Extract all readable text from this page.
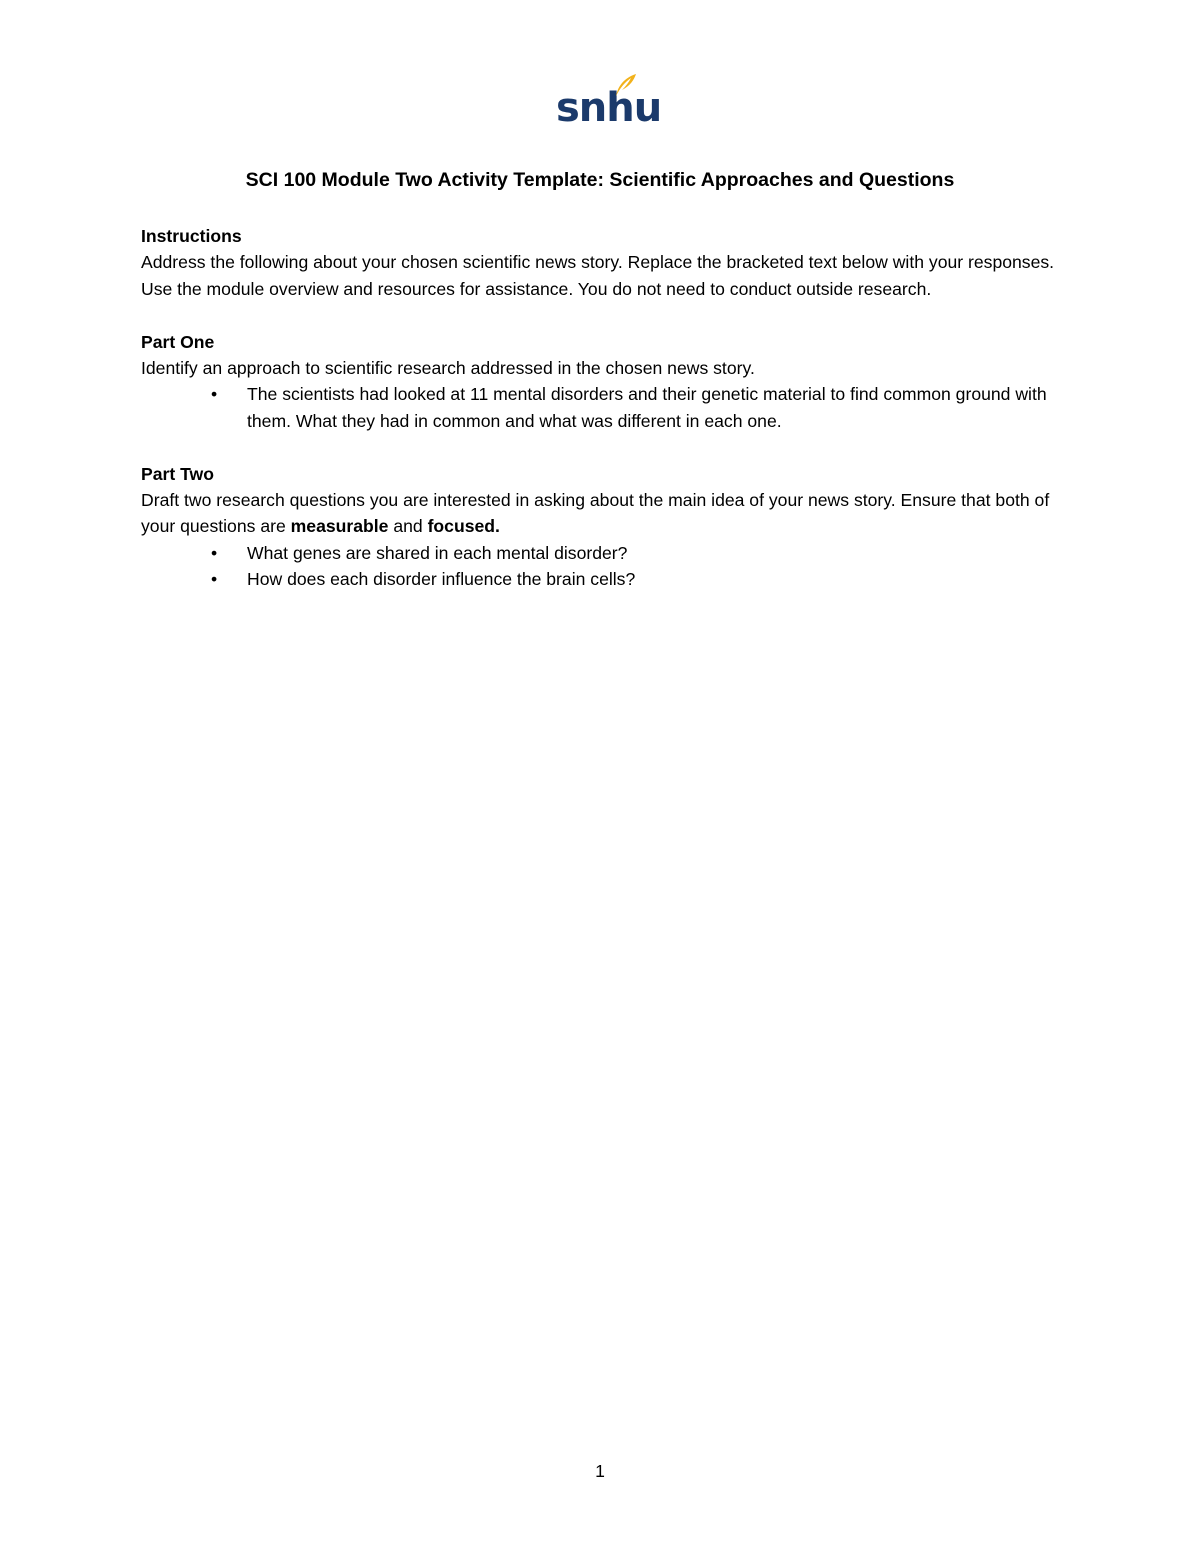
snhu
SCI 100 Module Two Activity Template: Scientific Approaches and Questions

Instructions

Address the following about your chosen scientific news story. Replace the bracketed text below with your responses. Use the module overview and resources for assistance. You do not need to conduct outside research.

Part One

Identify an approach to scientific research addressed in the chosen news story.

• The scientists had looked at 11 mental disorders and their genetic material to find common ground with them. What they had in common and what was different in each one.

Part Two

Draft two research questions you are interested in asking about the main idea of your news story. Ensure that both of your questions are measurable and focused.

• What genes are shared in each mental disorder?
• How does each disorder influence the brain cells?
1
